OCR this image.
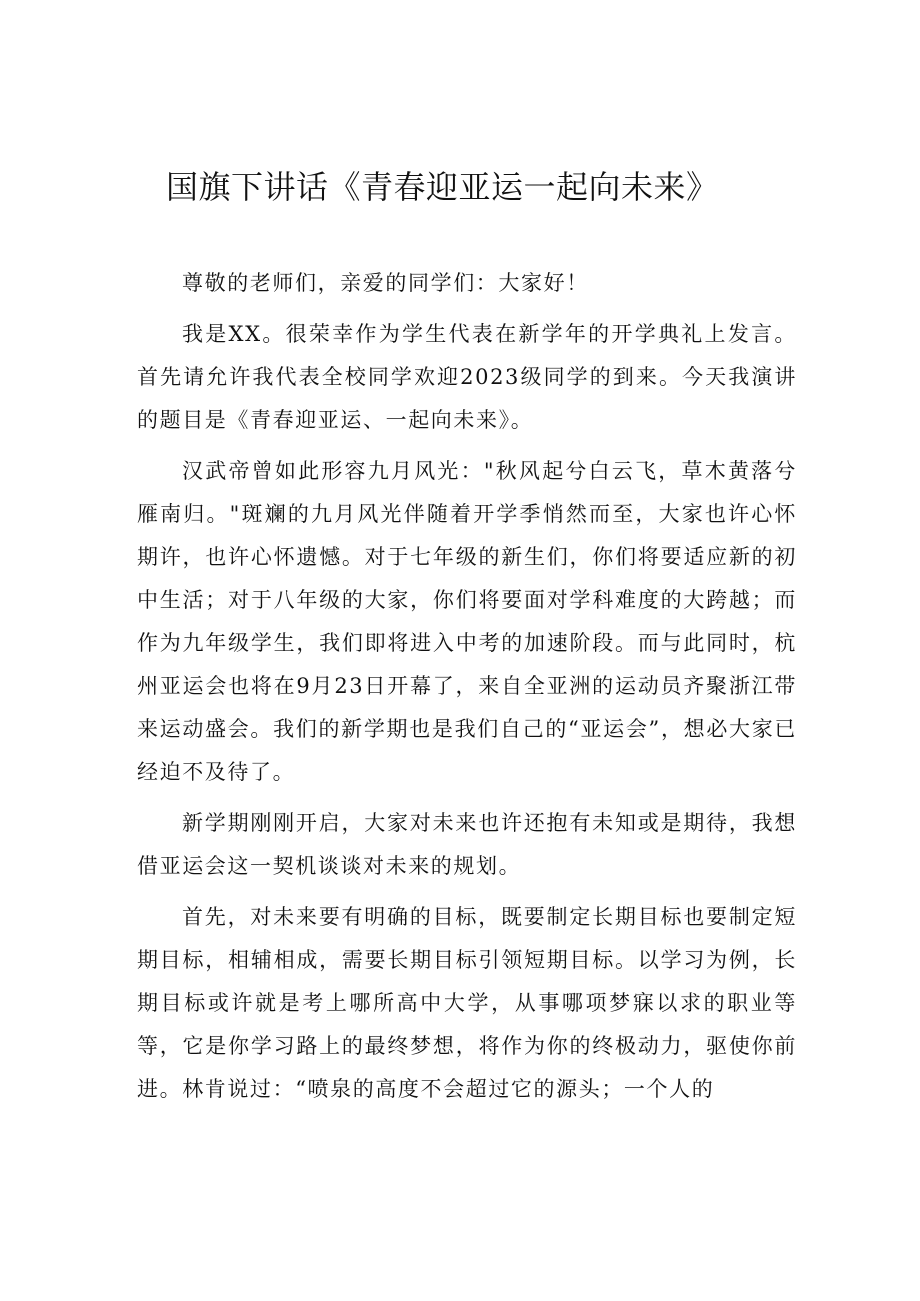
国旗下讲话《青春迎亚运一起向未来》

尊敬的老师们，亲爱的同学们：大家好！

我是XX。很荣幸作为学生代表在新学年的开学典礼上发言。首先请允许我代表全校同学欢迎2023级同学的到来。今天我演讲的题目是《青春迎亚运、一起向未来》。

汉武帝曾如此形容九月风光："秋风起兮白云飞，草木黄落兮雁南归。"斑斓的九月风光伴随着开学季悄然而至，大家也许心怀期许，也许心怀遗憾。对于七年级的新生们，你们将要适应新的初中生活；对于八年级的大家，你们将要面对学科难度的大跨越；而作为九年级学生，我们即将进入中考的加速阶段。而与此同时，杭州亚运会也将在9月23日开幕了，来自全亚洲的运动员齐聚浙江带来运动盛会。我们的新学期也是我们自己的“亚运会”，想必大家已经迫不及待了。

新学期刚刚开启，大家对未来也许还抱有未知或是期待，我想借亚运会这一契机谈谈对未来的规划。

首先，对未来要有明确的目标，既要制定长期目标也要制定短期目标，相辅相成，需要长期目标引领短期目标。以学习为例，长期目标或许就是考上哪所高中大学，从事哪项梦寐以求的职业等等，它是你学习路上的最终梦想，将作为你的终极动力，驱使你前进。林肯说过：“喷泉的高度不会超过它的源头；一个人的
